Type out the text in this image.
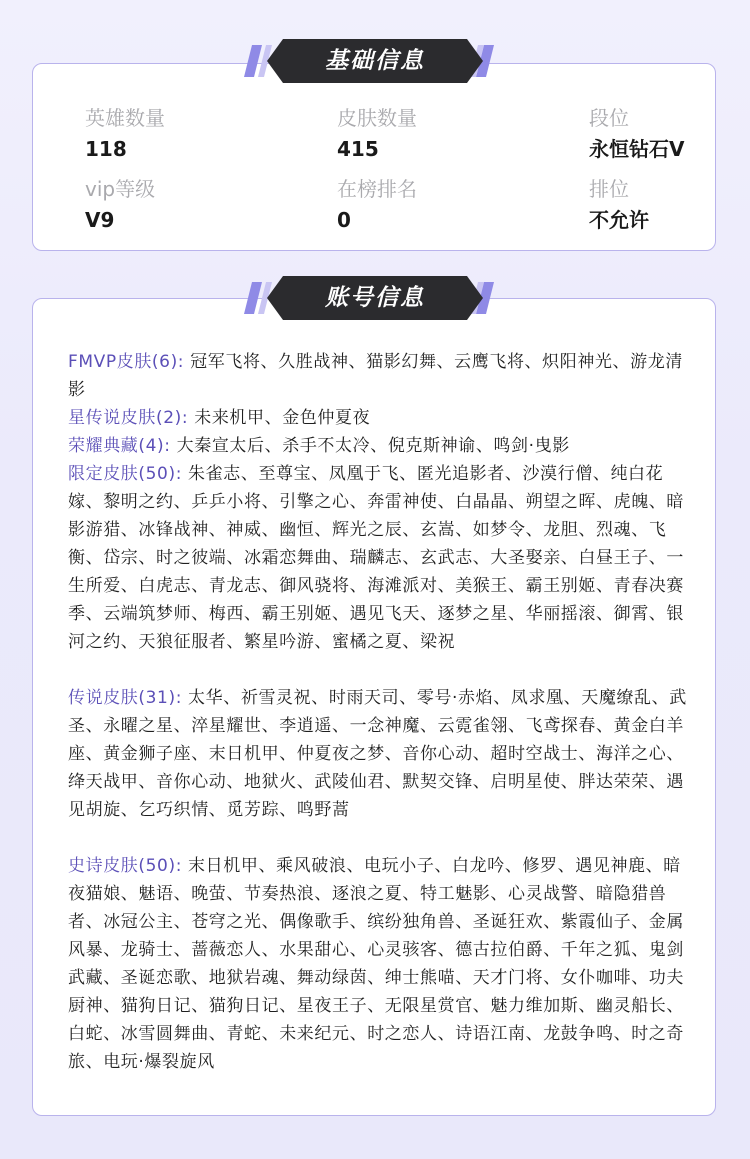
英雄数量
118
皮肤数量
415
段位
永恒钻石V
vip等级
V9
在榜排名
0
排位
不允许
FMVP皮肤(6): 冠军飞将、久胜战神、猫影幻舞、云鹰飞将、炽阳神光、游龙清影
星传说皮肤(2): 未来机甲、金色仲夏夜
荣耀典藏(4): 大秦宣太后、杀手不太冷、倪克斯神谕、鸣剑·曳影
限定皮肤(50): 朱雀志、至尊宝、凤凰于飞、匿光追影者、沙漠行僧、纯白花嫁、黎明之约、乒乒小将、引擎之心、奔雷神使、白晶晶、朔望之晖、虎魄、暗影游猎、冰锋战神、神威、幽恒、辉光之辰、玄嵩、如梦令、龙胆、烈魂、飞衡、岱宗、时之彼端、冰霜恋舞曲、瑞麟志、玄武志、大圣娶亲、白昼王子、一生所爱、白虎志、青龙志、御风骁将、海滩派对、美猴王、霸王别姬、青春决赛季、云端筑梦师、梅西、霸王别姬、遇见飞天、逐梦之星、华丽摇滚、御霄、银河之约、天狼征服者、繁星吟游、蜜橘之夏、梁祝
传说皮肤(31): 太华、祈雪灵祝、时雨天司、零号·赤焰、凤求凰、天魔缭乱、武圣、永曜之星、淬星耀世、李逍遥、一念神魔、云霓雀翎、飞鸢探春、黄金白羊座、黄金狮子座、末日机甲、仲夏夜之梦、音你心动、超时空战士、海洋之心、绛天战甲、音你心动、地狱火、武陵仙君、默契交锋、启明星使、胖达荣荣、遇见胡旋、乞巧织情、觅芳踪、鸣野蒿
史诗皮肤(50): 末日机甲、乘风破浪、电玩小子、白龙吟、修罗、遇见神鹿、暗夜猫娘、魅语、晚萤、节奏热浪、逐浪之夏、特工魅影、心灵战警、暗隐猎兽者、冰冠公主、苍穹之光、偶像歌手、缤纷独角兽、圣诞狂欢、紫霞仙子、金属风暴、龙骑士、蔷薇恋人、水果甜心、心灵骇客、德古拉伯爵、千年之狐、鬼剑武藏、圣诞恋歌、地狱岩魂、舞动绿茵、绅士熊喵、天才门将、女仆咖啡、功夫厨神、猫狗日记、猫狗日记、星夜王子、无限星赏官、魅力维加斯、幽灵船长、白蛇、冰雪圆舞曲、青蛇、未来纪元、时之恋人、诗语江南、龙鼓争鸣、时之奇旅、电玩·爆裂旋风
基础信息
账号信息
